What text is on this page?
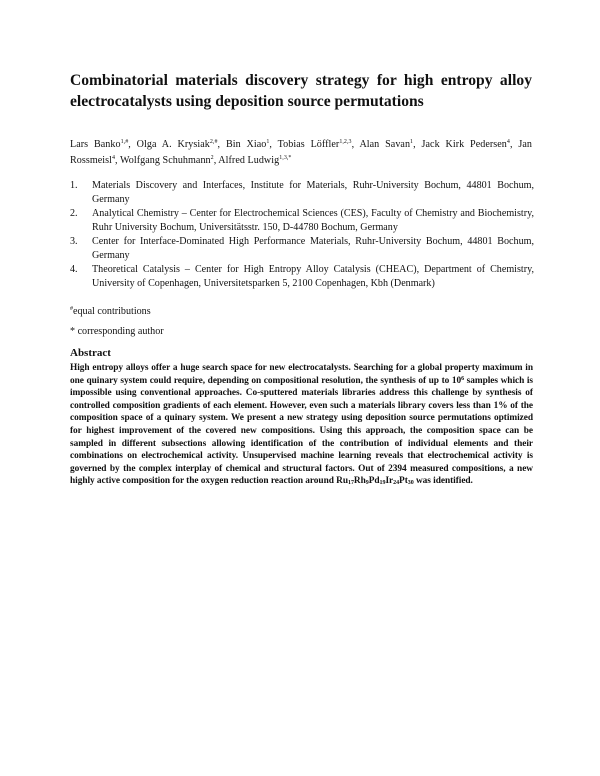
Combinatorial materials discovery strategy for high entropy alloy electrocatalysts using deposition source permutations
Lars Banko$^{1,\#}$, Olga A. Krysiak$^{2,\#}$, Bin Xiao$^1$, Tobias Löffler$^{1,2,3}$, Alan Savan$^1$, Jack Kirk Pedersen$^4$, Jan Rossmeisl$^4$, Wolfgang Schuhmann$^2$, Alfred Ludwig$^{1,3,*}$
1.	Materials Discovery and Interfaces, Institute for Materials, Ruhr-University Bochum, 44801 Bochum, Germany
2.	Analytical Chemistry – Center for Electrochemical Sciences (CES), Faculty of Chemistry and Biochemistry, Ruhr University Bochum, Universitätsstr. 150, D-44780 Bochum, Germany
3.	Center for Interface-Dominated High Performance Materials, Ruhr-University Bochum, 44801 Bochum, Germany
4.	Theoretical Catalysis – Center for High Entropy Alloy Catalysis (CHEAC), Department of Chemistry, University of Copenhagen, Universitetsparken 5, 2100 Copenhagen, Kbh (Denmark)
#equal contributions
* corresponding author
Abstract
High entropy alloys offer a huge search space for new electrocatalysts. Searching for a global property maximum in one quinary system could require, depending on compositional resolution, the synthesis of up to $10^6$ samples which is impossible using conventional approaches. Co-sputtered materials libraries address this challenge by synthesis of controlled composition gradients of each element. However, even such a materials library covers less than 1% of the composition space of a quinary system. We present a new strategy using deposition source permutations optimized for highest improvement of the covered new compositions. Using this approach, the composition space can be sampled in different subsections allowing identification of the contribution of individual elements and their combinations on electrochemical activity. Unsupervised machine learning reveals that electrochemical activity is governed by the complex interplay of chemical and structural factors. Out of 2394 measured compositions, a new highly active composition for the oxygen reduction reaction around $Ru_{17}Rh_9Pd_{19}Ir_{24}Pt_{30}$ was identified.
